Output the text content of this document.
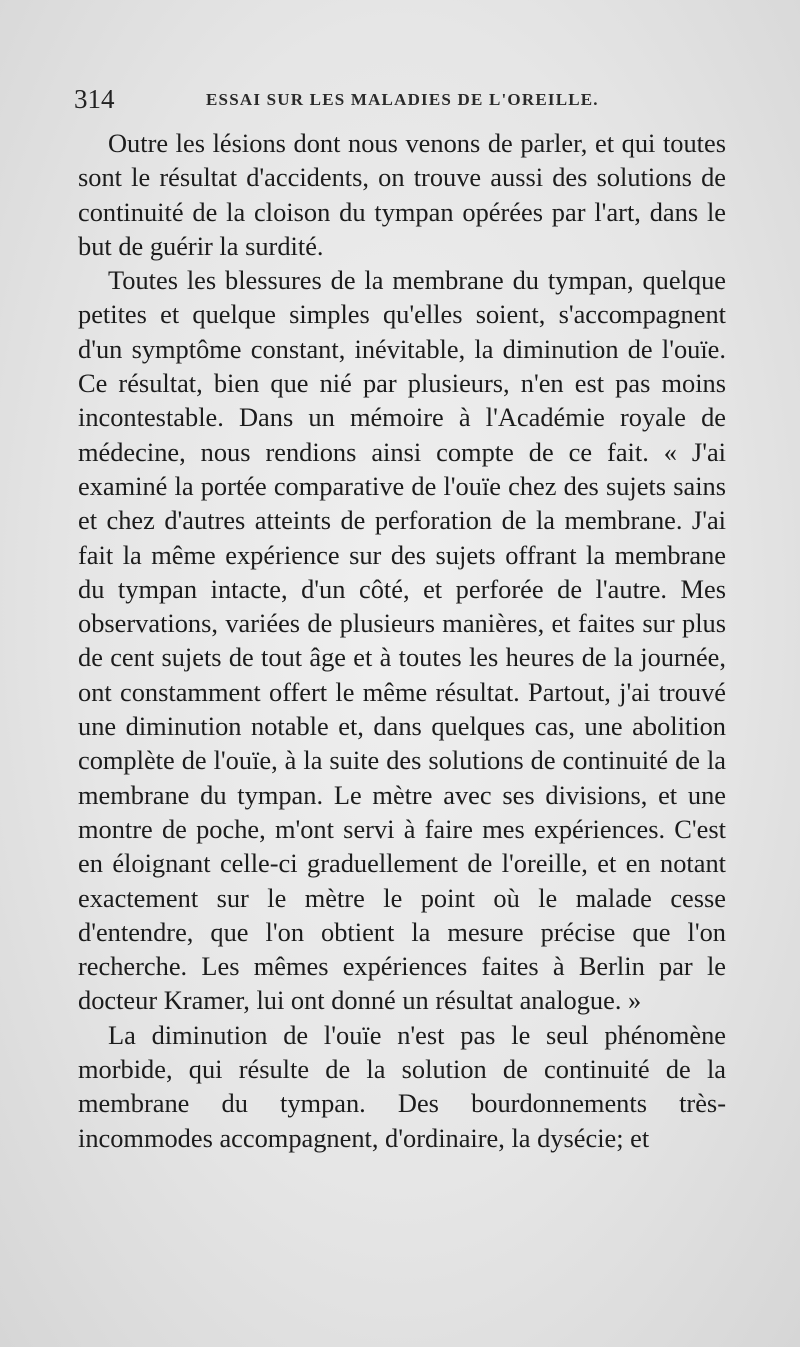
314	ESSAI SUR LES MALADIES DE L'OREILLE.

Outre les lésions dont nous venons de parler, et qui toutes sont le résultat d'accidents, on trouve aussi des solutions de continuité de la cloison du tympan opérées par l'art, dans le but de guérir la surdité.

Toutes les blessures de la membrane du tympan, quelque petites et quelque simples qu'elles soient, s'accompagnent d'un symptôme constant, inévitable, la diminution de l'ouïe. Ce résultat, bien que nié par plusieurs, n'en est pas moins incontestable. Dans un mémoire à l'Académie royale de médecine, nous rendions ainsi compte de ce fait. « J'ai examiné la portée comparative de l'ouïe chez des sujets sains et chez d'autres atteints de perforation de la membrane. J'ai fait la même expérience sur des sujets offrant la membrane du tympan intacte, d'un côté, et perforée de l'autre. Mes observations, variées de plusieurs manières, et faites sur plus de cent sujets de tout âge et à toutes les heures de la journée, ont constamment offert le même résultat. Partout, j'ai trouvé une diminution notable et, dans quelques cas, une abolition complète de l'ouïe, à la suite des solutions de continuité de la membrane du tympan. Le mètre avec ses divisions, et une montre de poche, m'ont servi à faire mes expériences. C'est en éloignant celle-ci graduellement de l'oreille, et en notant exactement sur le mètre le point où le malade cesse d'entendre, que l'on obtient la mesure précise que l'on recherche. Les mêmes expériences faites à Berlin par le docteur Kramer, lui ont donné un résultat analogue. »

La diminution de l'ouïe n'est pas le seul phénomène morbide, qui résulte de la solution de continuité de la membrane du tympan. Des bourdonnements très-incommodes accompagnent, d'ordinaire, la dysécie; et
